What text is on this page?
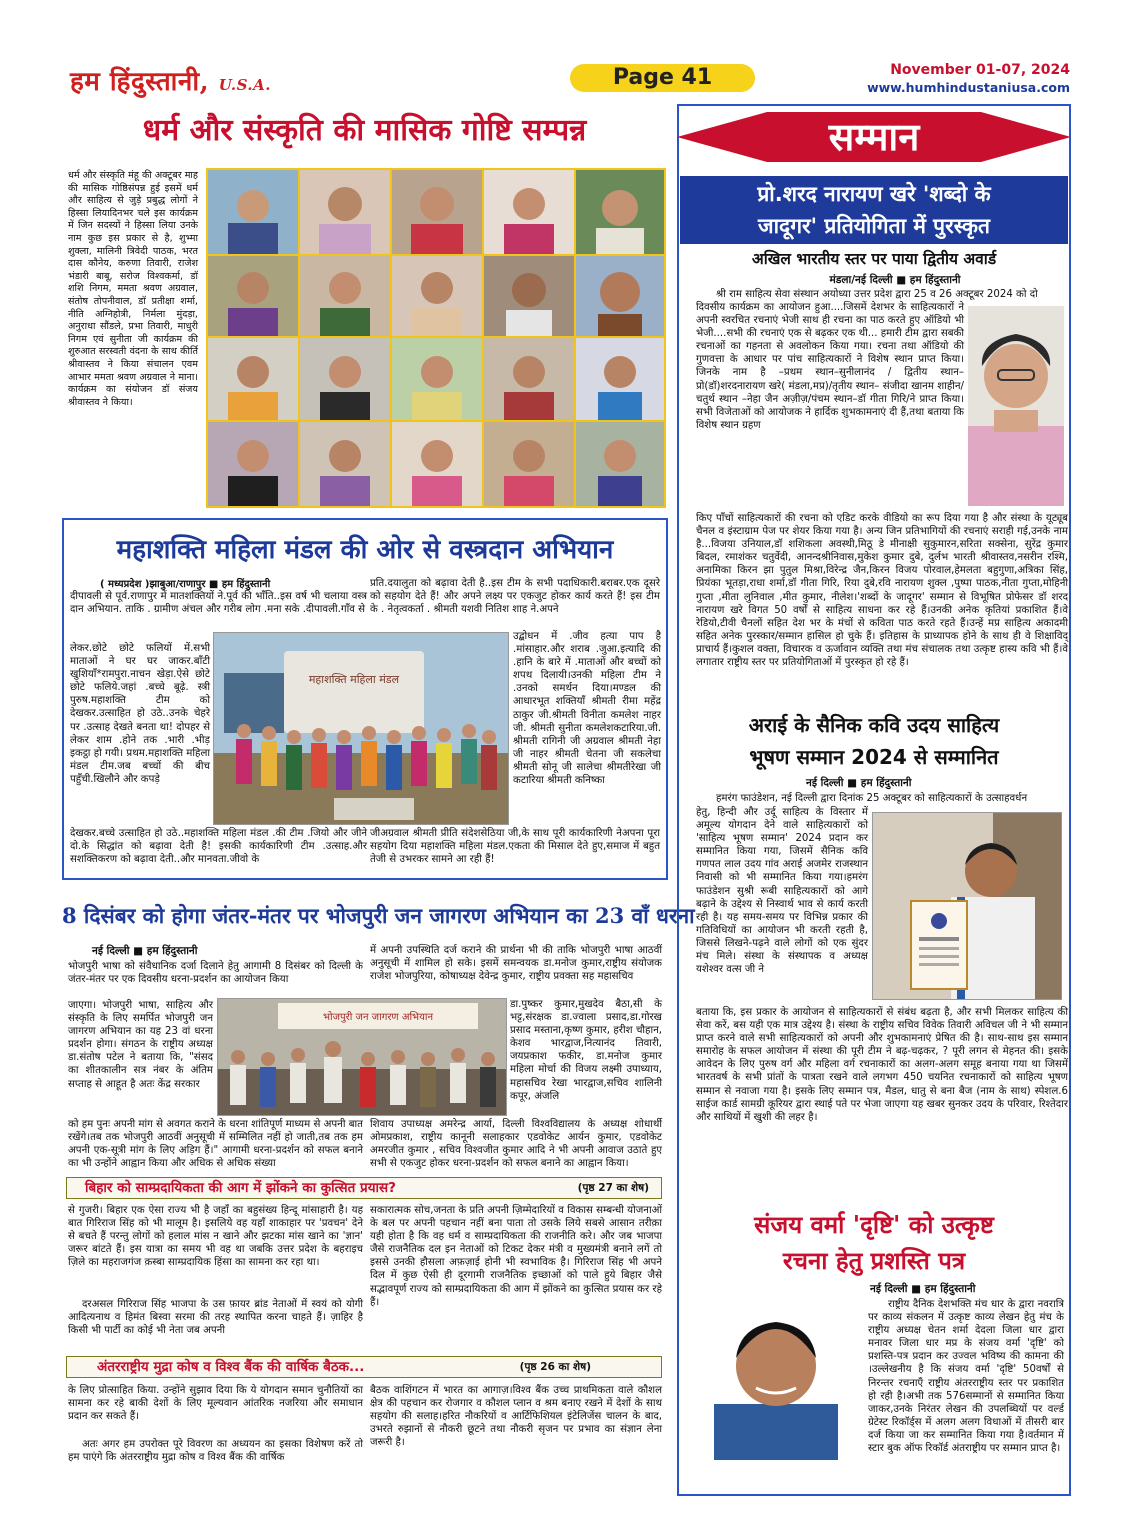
हम हिंदुस्तानी, U.S.A.	Page 41	November 01-07, 2024
www.humhindustaniusa.com
धर्म और संस्कृति की मासिक गोष्टि सम्पन्न
धर्म और संस्कृति मंहू की अक्टूबर माह की मासिक गोष्ठिसंपन्न हुई इसमें धर्म और साहित्य से जुड़े प्रबुद्ध लोगों ने हिस्सा लियादिनभर चले इस कार्यक्रम में जिन सदस्यों ने हिस्सा लिया उनके नाम कुछ इस प्रकार से है, शुभ्मा शुक्ला, मालिनी त्रिवेदी पाठक, भरत दास कौनेय, करुणा तिवारी, राजेश भंडारी बाबू, सरोज विश्वकर्मा, डॉ शशि निगम, ममता श्रवण अग्रवाल, संतोष तोपनीवाल, डॉ प्रतीक्षा शर्मा, नीति अग्निहोत्री, निर्मला मुंदड़ा, अनुराधा सौंडले, प्रभा तिवारी, माधुरी निगम एवं सुनीता जी कार्यक्रम की शुरुआत सरस्वती वंदना के साथ कीर्ति श्रीवास्तव ने किया संचालन एवम आभार ममता श्रवण अग्रवाल ने माना।कार्यक्रम का संयोजन डॉ संजय श्रीवास्तव ने किया।
महाशक्ति महिला मंडल की ओर से वस्त्रदान अभियान
( मध्यप्रदेश )झाबुआ/राणापुर ■ हम हिंदुस्तानी
दीपावली से पूर्व.राणापुर में मातशक्तियों ने.पूर्व की भाँति..इस वर्ष भी चलाया वस्त्र दान अभियान. ताकि . ग्रामीण अंचल और गरीब लोग .मना सके .दीपावली.गाँव से
लेकर.छोटे छोटे फलियों में.सभी माताओं ने घर घर जाकर.बाँटी खुशियाँ*रामपुरा.नाचन खेड़ा.ऐसे छोटे छोटे फलिये.जहां .बच्चे बूढ़े. स्त्री पुरुष.महाशक्ति टीम को देखकर.उत्साहित हो उठे..उनके चेहरे पर .उत्साह देखते बनता था! दोपहर से लेकर शाम .होने तक .भारी .भीड़ इकट्ठा हो गयी। प्रथम.महाशक्ति महिला मंडल टीम.जब बच्चों की बीच पहुँची.खिलौने और कपड़े
प्रति.दयालुता को बढ़ावा देती है..इस टीम के सभी पदाधिकारी.बराबर.एक दूसरे को सहयोग देते हैं! और अपने लक्ष्य पर एकजुट होकर कार्य करते हैं! इस टीम के . नेतृत्वकर्ता . श्रीमती यशवी नितिश शाह ने.अपने
उद्बोधन में .जीव हत्या पाप है .मांसाहार.और शराब .जुआ.इत्यादि की .हानि के बारे में .माताओं और बच्चों को शपथ दिलायी।उनकी महिला टीम ने .उनको समर्थन दिया।मण्डल की आधारभूत शक्तियाँ श्रीमती रीमा महेंद्र ठाकुर जी.श्रीमती विनीता कमलेश नाहर जी. श्रीमती सुनीता कमलेशकटारिया.जी. श्रीमती रागिनी जी अग्रवाल श्रीमती नेहा जी नाहर श्रीमती चेतना जी सकलेचा श्रीमती सोनू जी सालेचा श्रीमतीरेखा जी कटारिया श्रीमती कनिष्का
देखकर.बच्चे उत्साहित हो उठे..महाशक्ति महिला मंडल .की टीम .जियो और जीने दो.के सिद्धांत को बढ़ावा देती है! इसकी कार्यकारिणी टीम .उत्साह.और सशक्तिकरण को बढ़ावा देती..और मानवता.जीवो के
जीअग्रवाल श्रीमती प्रीति संदेशसेठिया जी,के साथ पूरी कार्यकारिणी नेअपना पूरा सहयोग दिया महाशक्ति महिला मंडल.एकता की मिसाल देते हुए,समाज में बहुत तेजी से उभरकर सामने आ रही हैं!
महाशक्ति महिला मंडल
8 दिसंबर को होगा जंतर-मंतर पर भोजपुरी जन जागरण अभियान का 23 वाँ धरना
नई दिल्ली ■ हम हिंदुस्तानी
भोजपुरी भाषा को संवैधानिक दर्जा दिलाने हेतु आगामी 8 दिसंबर को दिल्ली के जंतर-मंतर पर एक दिवसीय धरना-प्रदर्शन का आयोजन किया
जाएगा। भोजपुरी भाषा, साहित्य और संस्कृति के लिए समर्पित भोजपुरी जन जागरण अभियान का यह 23 वां धरना प्रदर्शन होगा। संगठन के राष्ट्रीय अध्यक्ष डा.संतोष पटेल ने बताया कि, "संसद का शीतकालीन सत्र नंबर के अंतिम सप्ताह से आहूत है अतः केंद्र सरकार
को हम पुनः अपनी मांग से अवगत कराने के धरना शांतिपूर्ण माध्यम से अपनी बात रखेंगे।तब तक भोजपुरी आठवीं अनुसूची में सम्मिलित नहीं हो जाती,तब तक हम अपनी एक-सूत्री मांग के लिए अड़िग हैं।" आगामी धरना-प्रदर्शन को सफल बनाने का भी उन्होंने आह्वान किया और अधिक से अधिक संख्या
में अपनी उपस्थिति दर्ज कराने की प्रार्थना भी की ताकि भोजपुरी भाषा आठवीं अनुसूची में शामिल हो सके। इसमें समन्वयक डा.मनोज कुमार,राष्ट्रीय संयोजक राजेश भोजपुरिया, कोषाध्यक्ष देवेन्द्र कुमार, राष्ट्रीय प्रवक्ता सह महासचिव
डा.पुष्कर कुमार,मुखदेव बैठा,सी के भट्ट,संरक्षक डा.ज्वाला प्रसाद,डा.गोरख प्रसाद मस्ताना,कृष्ण कुमार, हरीश चौहान, केशव भारद्वाज,नित्यानंद तिवारी, जयप्रकाश फकीर, डा.मनोज कुमार महिला मोर्चा की विजय लक्ष्मी उपाध्याय, महासचिव रेखा भारद्वाज,सचिव शालिनी कपूर, अंजलि
शिवाय उपाध्यक्ष अमरेन्द्र आर्या, दिल्ली विश्वविद्यालय के अध्यक्ष शोधार्थी ओमप्रकाश, राष्ट्रीय कानूनी सलाहकार एडवोकेट आर्यन कुमार, एडवोकेट अमरजीत कुमार , सचिव विश्वजीत कुमार आदि ने भी अपनी आवाज उठाते हुए सभी से एकजुट होकर धरना-प्रदर्शन को सफल बनाने का आह्वान किया।
भोजपुरी जन जागरण अभियान
बिहार को साम्प्रदायिकता की आग में झोंकने का कुत्सित प्रयास?	(पृष्ठ 27 का शेष)
से गुजरी। बिहार एक ऐसा राज्य भी है जहाँ का बहुसंख्य हिन्दू मांसाहारी है। यह बात गिरिराज सिंह को भी मालूम है। इसलिये वह यहाँ शाकाहार पर 'प्रवचन' देने से बचते हैं परन्तु लोगों को हलाल मांस न खाने और झटका मांस खाने का 'ज्ञान' जरूर बांटते हैं। इस यात्रा का समय भी वह था जबकि उत्तर प्रदेश के बहराइच ज़िले का महराजगंज क़स्बा साम्प्रदायिक हिंसा का सामना कर रहा था।
दरअसल गिरिराज सिंह भाजपा के उस फ़ायर ब्रांड नेताओं में स्वयं को योगी आदित्यनाथ व हिमंत बिस्वा सरमा की तरह स्थापित करना चाहते हैं। ज़ाहिर है किसी भी पार्टी का कोई भी नेता जब अपनी
सकारात्मक सोच,जनता के प्रति अपनी ज़िम्मेदारियों व विकास सम्बन्धी योजनाओं के बल पर अपनी पहचान नहीं बना पाता तो उसके लिये सबसे आसान तरीक़ा यही होता है कि वह धर्म व साम्प्रदायिकता की राजनीति करे। और जब भाजपा जैसे राजनैतिक दल इन नेताओं को टिकट देकर मंत्री व मुख्यमंत्री बनाने लगें तो इससे उनकी हौसला अफ़ज़ाई होनी भी स्वभाविक है। गिरिराज सिंह भी अपने दिल में कुछ ऐसी ही दूरगामी राजनैतिक इच्छाओं को पाले हुये बिहार जैसे सद्भावपूर्ण राज्य को साम्प्रदायिकता की आग में झोंकने का कुत्सित प्रयास कर रहे हैं।
अंतरराष्ट्रीय मुद्रा कोष व विश्व बैंक की वार्षिक बैठक...	(पृष्ठ 26 का शेष)
के लिए प्रोत्साहित किया. उन्होंने सुझाव दिया कि ये योगदान समान चुनौतियों का सामना कर रहे बाकी देशों के लिए मूल्यवान आंतरिक नजरिया और समाधान प्रदान कर सकते हैं।
अतः अगर हम उपरोक्त पूरे विवरण का अध्ययन का इसका विशेषण करें तो हम पाएंगे कि अंतरराष्ट्रीय मुद्रा कोष व विश्व बैंक की वार्षिक
बैठक वाशिंगटन में भारत का आगाज़।विश्व बैंक उच्च प्राथमिकता वाले कौशल क्षेत्र की पहचान कर रोजगार व कौशल प्लान व श्रम बनाए रखने में देशों के साथ सहयोग की सलाह।हरित नौकरियों व आर्टिफिशियल इंटेलिजेंस चालन के बाद, उभरते रुझानों से नौकरी छूटने तथा नौकरी सृजन पर प्रभाव का संज्ञान लेना जरूरी है।
सम्मान
प्रो.शरद नारायण खरे 'शब्दो के
जादूगर' प्रतियोगिता में पुरस्कृत
अखिल भारतीय स्तर पर पाया द्वितीय अवार्ड
मंडला/नई दिल्ली ■ हम हिंदुस्तानी
श्री राम साहित्य सेवा संस्थान अयोध्या उत्तर प्रदेश द्वारा 25 व 26 अक्टूबर 2024 को दो
दिवसीय कार्यक्रम का आयोजन हुआ....जिसमें देशभर के साहित्यकारों ने अपनी स्वरचित रचनाएं भेजी साथ ही रचना का पाठ करते हुए ऑडियो भी भेजी....सभी की रचनाएं एक से बढ़कर एक थी... हमारी टीम द्वारा सबकी रचनाओं का गहनता से अवलोकन किया गया। रचना तथा ऑडियो की गुणवत्ता के आधार पर पांच साहित्यकारों ने विशेष स्थान प्राप्त किया।जिनके नाम है –प्रथम स्थान–सुनीलानंद / द्वितीय स्थान–प्रो(डॉ)शरदनारायण खरे( मंडला,मप्र)/तृतीय स्थान– संजीदा खानम शाहीन/चतुर्थ स्थान –नेहा जैन अज़ीज़/पंचम स्थान–डॉ गीता गिरि/ने प्राप्त किया। सभी विजेताओं को आयोजक ने हार्दिक शुभकामनाएं दी हैं,तथा बताया कि विशेष स्थान ग्रहण
किए पाँचों साहित्यकारों की रचना को एडिट करके वीडियो का रूप दिया गया है और संस्था के यूट्यूब चैनल व इंस्टाग्राम पेज पर शेयर किया गया है। अन्य जिन प्रतिभागियों की रचनाएं सराही गई,उनके नाम है...विजया उनियाल,डॉ शशिकला अवस्थी,मिठू डे मीनाक्षी सुकुमारन,सरिता सक्सेना, सुरेंद्र कुमार बिदल, रमाशंकर चतुर्वेदी, आनन्दश्रीनिवास,मुकेश कुमार दुबे, दुर्लभ भारती श्रीवास्तव,नसरीन रश्मि, अनामिका किरन झा पुतुल मिश्रा,विरेन्द्र जैन,किरन विजय पोरवाल,हेमलता बहुगुणा,अत्रिका सिंह, प्रियंका भूतड़ा,राधा शर्मा,डॉ गीता गिरि, रिया दुबे,रवि नारायण शुक्ल ,पुष्पा पाठक,नीता गुप्ता,मोहिनी गुप्ता ,मीता लुनिवाल ,मीत कुमार, नीलेश।'शब्दों के जादूगर' सम्मान से विभूषित प्रोफेसर डॉ शरद नारायण खरे विगत 50 वर्षों से साहित्य साधना कर रहे हैं।उनकी अनेक कृतियां प्रकाशित हैं।वे रेडियो,टीवी चैनलों सहित देश भर के मंचों से कविता पाठ करते रहते हैं।उन्हें मप्र साहित्य अकादमी सहित अनेक पुरस्कार/सम्मान हासिल हो चुके हैं। इतिहास के प्राध्यापक होने के साथ ही वे शिक्षाविद् प्राचार्य हैं।कुशल वक्ता, विचारक व ऊर्जावान व्यक्ति तथा मंच संचालक तथा उत्कृष्ट हास्य कवि भी हैं।वे लगातार राष्ट्रीय स्तर पर प्रतियोगिताओं में पुरस्कृत हो रहे हैं।
अराई के सैनिक कवि उदय साहित्य
भूषण सम्मान 2024 से सम्मानित
नई दिल्ली ■ हम हिंदुस्तानी
हमरंग फाउंडेशन, नई दिल्ली द्वारा दिनांक 25 अक्टूबर को साहित्यकारों के उत्साहवर्धन
हेतु, हिन्दी और उर्दू साहित्य के विस्तार में अमूल्य योगदान देने वाले साहित्यकारों को 'साहित्य भूषण सम्मान' 2024 प्रदान कर सम्मानित किया गया, जिसमें सैनिक कवि गणपत लाल उदय गांव अराई अजमेर राजस्थान निवासी को भी सम्मानित किया गया।हमरंग फाउंडेशन सुश्री रूबी साहित्यकारों को आगे बढ़ाने के उद्देश्य से निस्वार्थ भाव से कार्य करती रही है। यह समय-समय पर विभिन्न प्रकार की गतिविधियों का आयोजन भी करती रहती है, जिससे लिखने-पढ़ने वाले लोगों को एक सुंदर मंच मिले। संस्था के संस्थापक व अध्यक्ष यशेश्वर वत्स जी ने
बताया कि, इस प्रकार के आयोजन से साहित्यकारों से संबंध बढ़ता है, और सभी मिलकर साहित्य की सेवा करें, बस यही एक मात्र उद्देश्य है। संस्था के राष्ट्रीय सचिव विवेक तिवारी अविचल जी ने भी सम्मान प्राप्त करने वाले सभी साहित्यकारों को अपनी और शुभकामनाएं प्रेषित की है। साथ-साथ इस सम्मान समारोह के सफल आयोजन में संस्था की पूरी टीम ने बढ़-चढ़कर, ? पूरी लगन से मेहनत की। इसके आवेदन के लिए पुरुष वर्ग और महिला वर्ग रचनाकारों का अलग-अलग समूह बनाया गया था जिसमें भारतवर्ष के सभी प्रांतों के पात्रता रखने वाले लगभग 450 चयनित रचनाकारों को साहित्य भूषण सम्मान से नवाजा गया है। इसके लिए सम्मान पत्र, मैडल, धातु से बना बैज (नाम के साथ) स्पेशल.6 साईज कार्ड सामग्री कूरियर द्वारा स्थाई पते पर भेजा जाएगा यह खबर सुनकर उदय के परिवार, रिश्तेदार और साथियों में खुशी की लहर है।
संजय वर्मा 'दृष्टि' को उत्कृष्ट
रचना हेतु प्रशस्ति पत्र
नई दिल्ली ■ हम हिंदुस्तानी
राष्ट्रीय दैनिक देशभक्ति मंच धार के द्वारा नवरात्रि पर काव्य संकलन में उत्कृष्ट काव्य लेखन हेतु मंच के राष्ट्रीय अध्यक्ष चेतन शर्मा देदला जिला धार द्वारा मनावर जिला धार मप्र के संजय वर्मा 'दृष्टि' को प्रशस्ति-पत्र प्रदान कर उज्वल भविष्य की कामना की ।उल्लेखनीय है कि संजय वर्मा 'दृष्टि' 50वर्षों से निरन्तर रचनाएँ राष्ट्रीय अंतरराष्ट्रीय स्तर पर प्रकाशित हो रही है।अभी तक 576सम्मानों से सम्मानित किया जाकर,उनके निरंतर लेखन की उपलब्धियों पर वर्ल्ड ग्रेटेस्ट रिकॉर्ड्स में अलग अलग विधाओं में तीसरी बार दर्ज किया जा कर सम्मानित किया गया है।वर्तमान में स्टार बुक ऑफ रिकॉर्ड अंतराष्ट्रीय पर सम्मान प्राप्त है।
